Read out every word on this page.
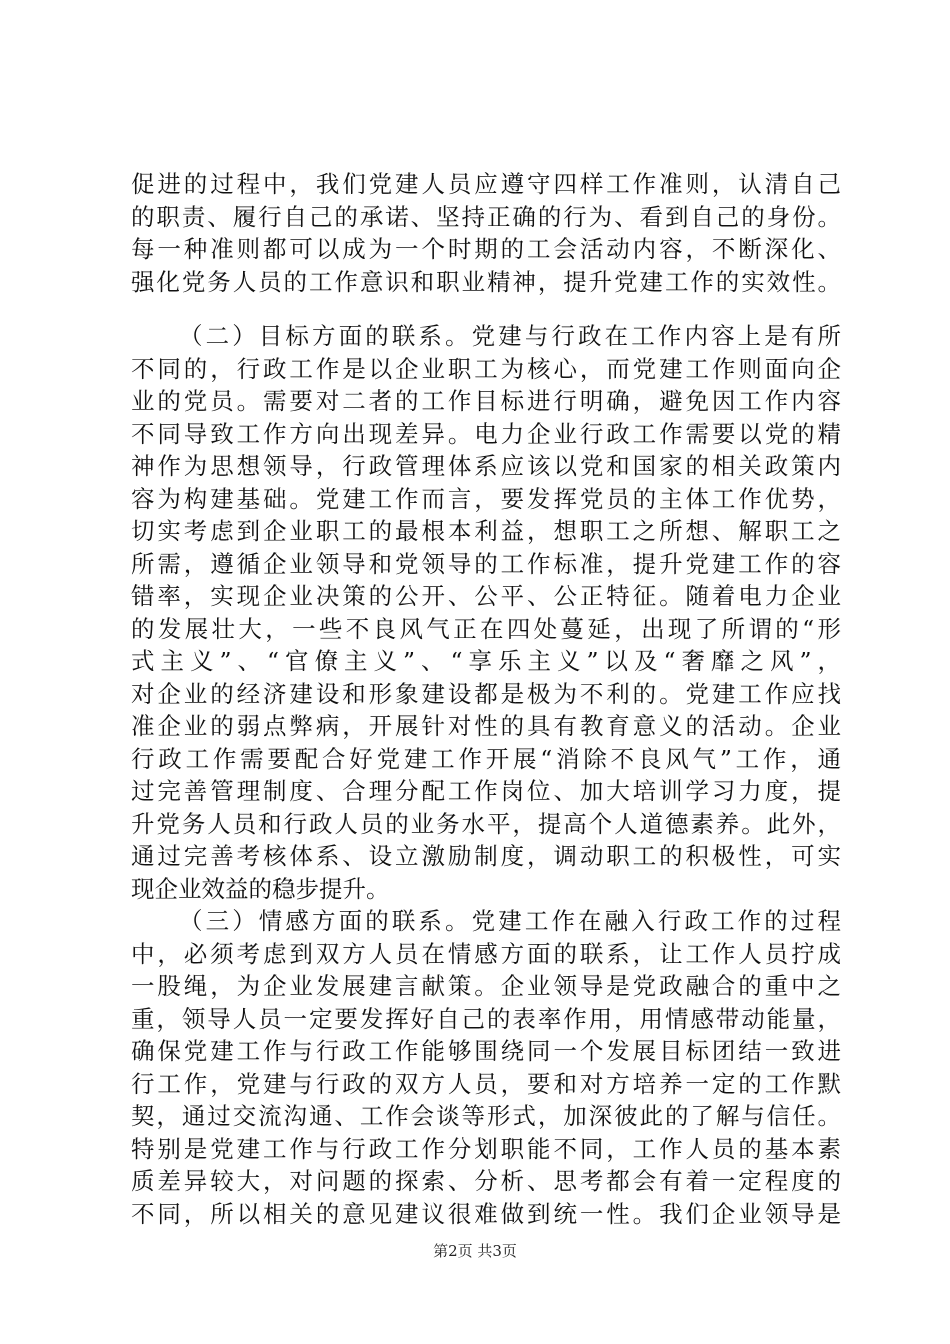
促进的过程中，我们党建人员应遵守四样工作准则，认清自己
的职责、履行自己的承诺、坚持正确的行为、看到自己的身份。
每一种准则都可以成为一个时期的工会活动内容，不断深化、
强化党务人员的工作意识和职业精神，提升党建工作的实效性。
（二）目标方面的联系。党建与行政在工作内容上是有所
不同的，行政工作是以企业职工为核心，而党建工作则面向企
业的党员。需要对二者的工作目标进行明确，避免因工作内容
不同导致工作方向出现差异。电力企业行政工作需要以党的精
神作为思想领导，行政管理体系应该以党和国家的相关政策内
容为构建基础。党建工作而言，要发挥党员的主体工作优势，
切实考虑到企业职工的最根本利益，想职工之所想、解职工之
所需，遵循企业领导和党领导的工作标准，提升党建工作的容
错率，实现企业决策的公开、公平、公正特征。随着电力企业
的发展壮大，一些不良风气正在四处蔓延，出现了所谓的“形
式主义”、“官僚主义”、“享乐主义”以及“奢靡之风”，
对企业的经济建设和形象建设都是极为不利的。党建工作应找
准企业的弱点弊病，开展针对性的具有教育意义的活动。企业
行政工作需要配合好党建工作开展“消除不良风气”工作，通
过完善管理制度、合理分配工作岗位、加大培训学习力度，提
升党务人员和行政人员的业务水平，提高个人道德素养。此外，
通过完善考核体系、设立激励制度，调动职工的积极性，可实
现企业效益的稳步提升。
（三）情感方面的联系。党建工作在融入行政工作的过程
中，必须考虑到双方人员在情感方面的联系，让工作人员拧成
一股绳，为企业发展建言献策。企业领导是党政融合的重中之
重，领导人员一定要发挥好自己的表率作用，用情感带动能量，
确保党建工作与行政工作能够围绕同一个发展目标团结一致进
行工作，党建与行政的双方人员，要和对方培养一定的工作默
契，通过交流沟通、工作会谈等形式，加深彼此的了解与信任。
特别是党建工作与行政工作分划职能不同，工作人员的基本素
质差异较大，对问题的探索、分析、思考都会有着一定程度的
不同，所以相关的意见建议很难做到统一性。我们企业领导是
第2页 共3页
